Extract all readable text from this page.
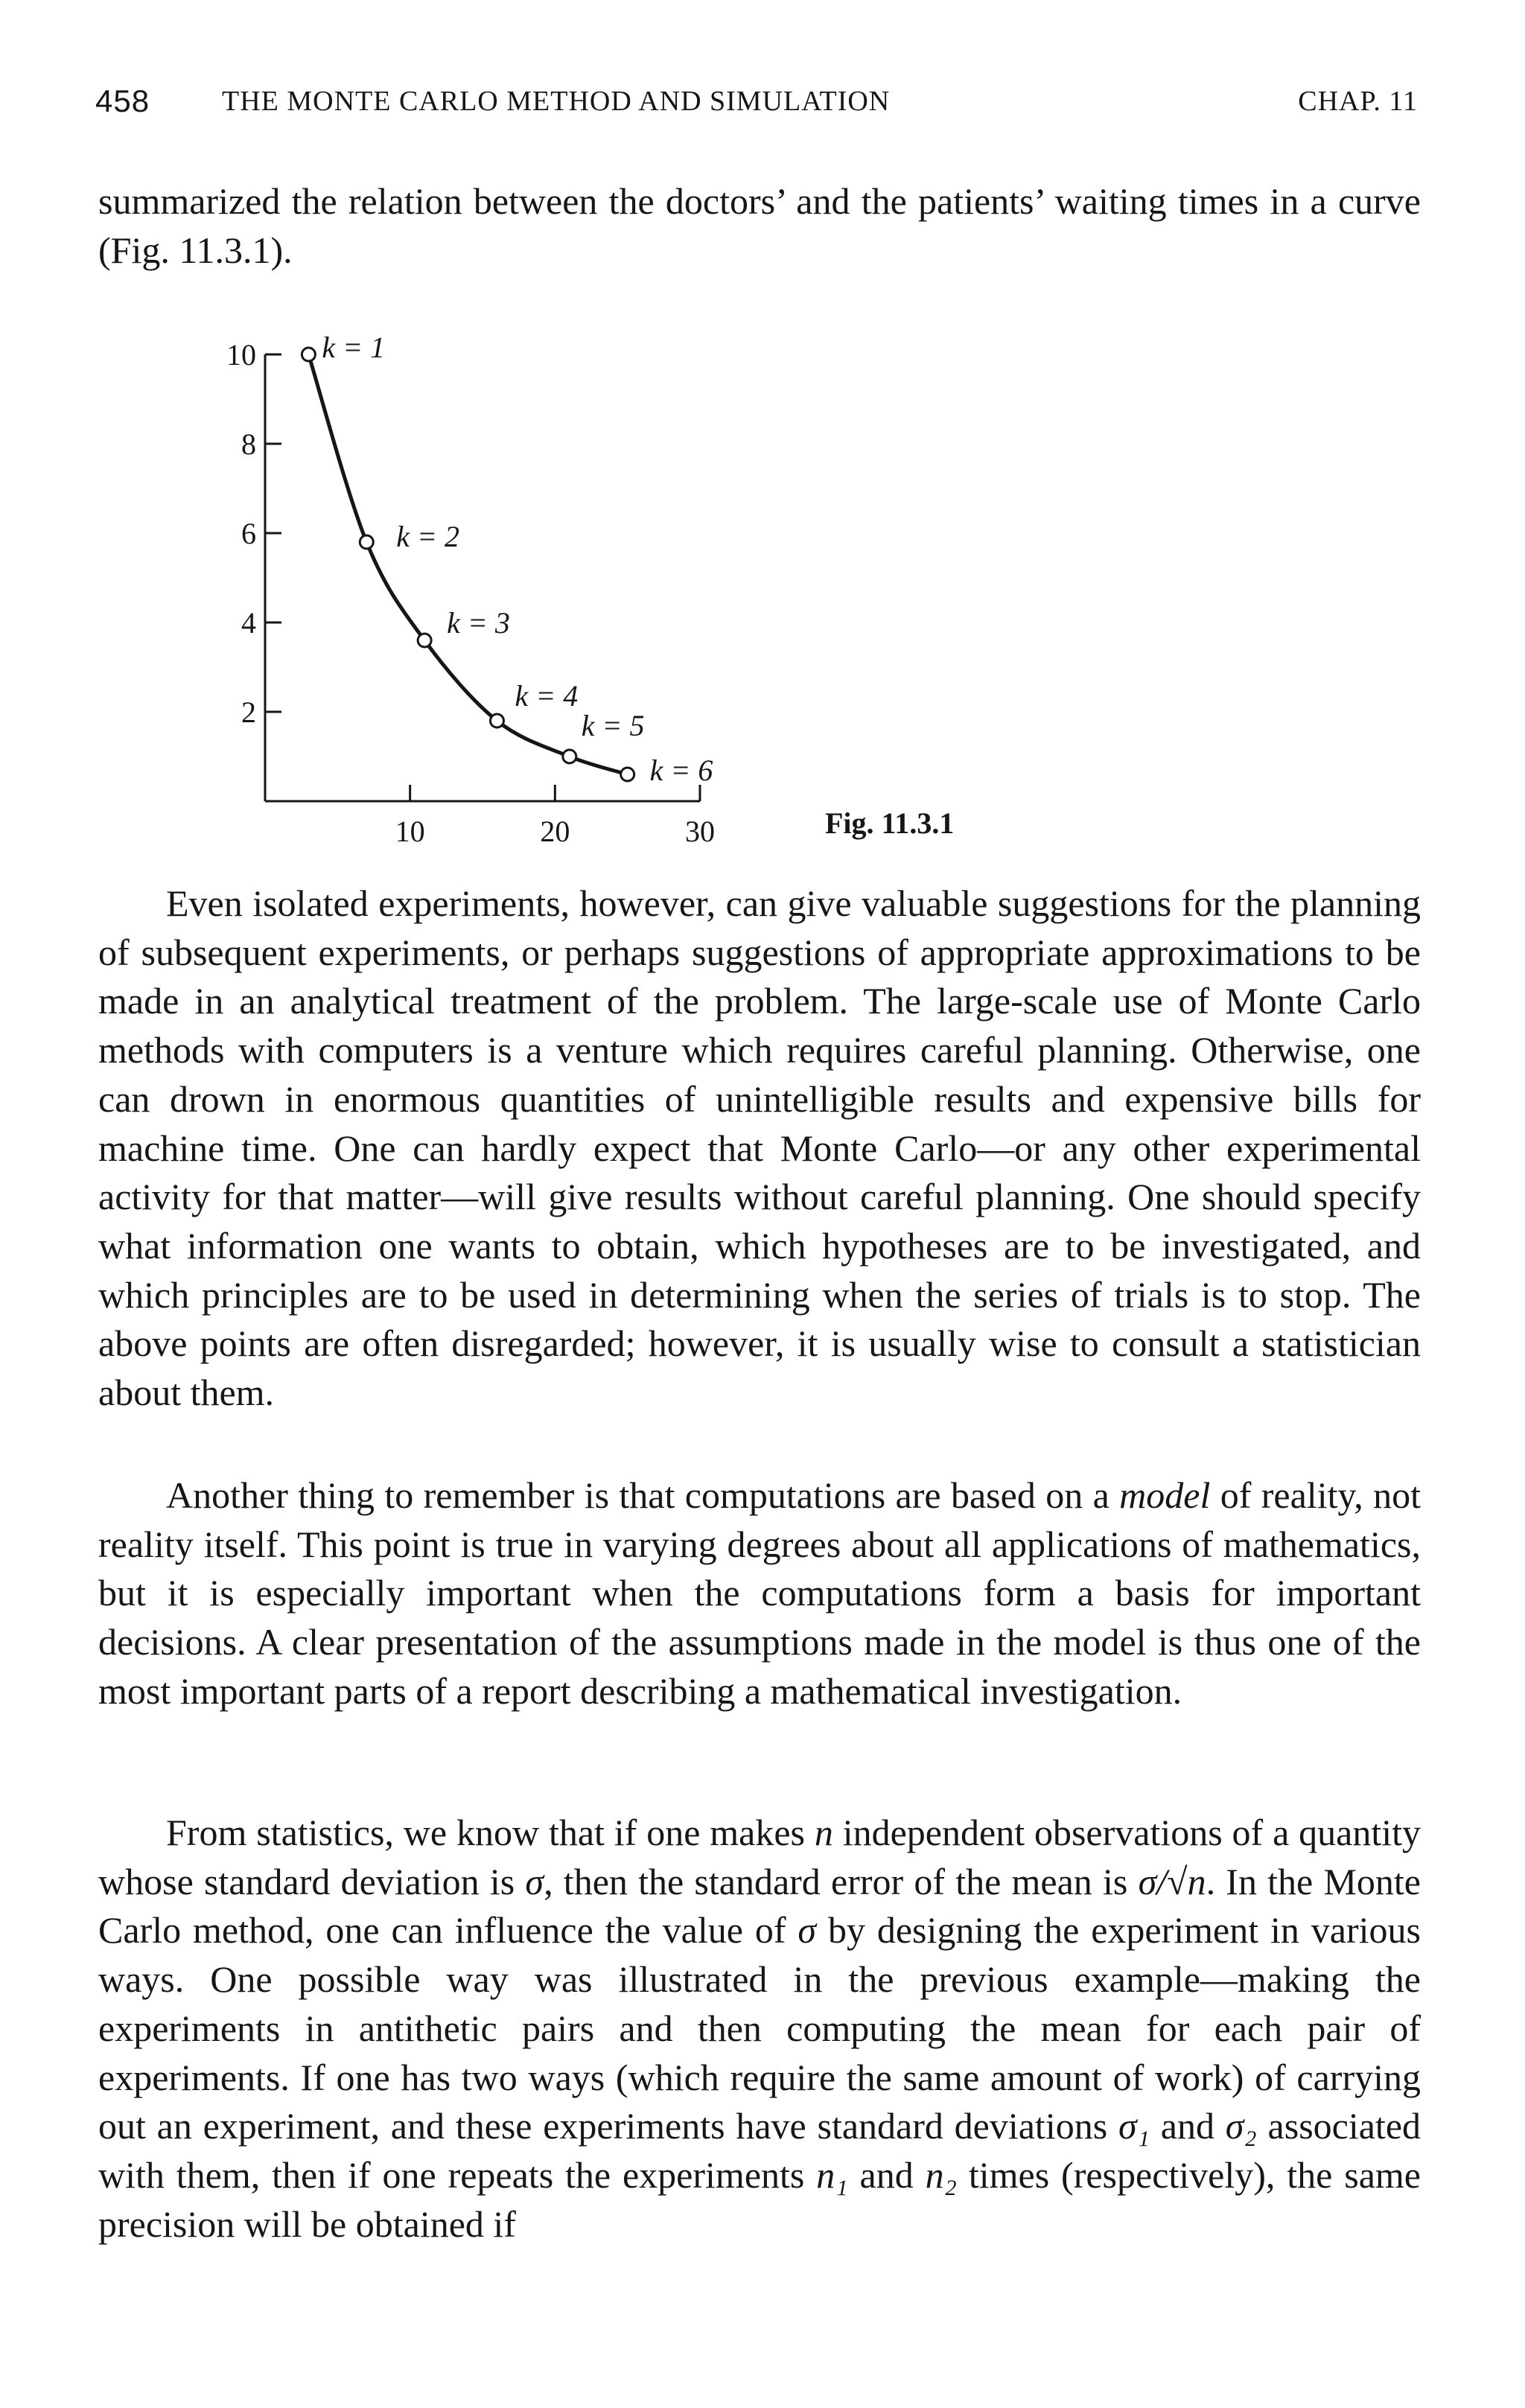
458	THE MONTE CARLO METHOD AND SIMULATION	CHAP. 11
summarized the relation between the doctors’ and the patients’ waiting times in a curve (Fig. 11.3.1).
2
4
6
8
10
10	20	30
k = 1
k = 2
k = 3
k = 4
k = 5
k = 6
Fig. 11.3.1
Even isolated experiments, however, can give valuable suggestions for the planning of subsequent experiments, or perhaps suggestions of appropriate approximations to be made in an analytical treatment of the problem. The large-scale use of Monte Carlo methods with computers is a venture which requires careful planning. Otherwise, one can drown in enormous quantities of unintelligible results and expensive bills for machine time. One can hardly expect that Monte Carlo—or any other experimental activity for that matter—will give results without careful planning. One should specify what information one wants to obtain, which hypotheses are to be investigated, and which principles are to be used in determining when the series of trials is to stop. The above points are often disregarded; however, it is usually wise to consult a statistician about them.
Another thing to remember is that computations are based on a model of reality, not reality itself. This point is true in varying degrees about all applications of mathematics, but it is especially important when the computations form a basis for important decisions. A clear presentation of the assumptions made in the model is thus one of the most important parts of a report describing a mathematical investigation.
From statistics, we know that if one makes n independent observations of a quantity whose standard deviation is σ, then the standard error of the mean is σ/√n. In the Monte Carlo method, one can influence the value of σ by designing the experiment in various ways. One possible way was illustrated in the previous example—making the experiments in antithetic pairs and then computing the mean for each pair of experiments. If one has two ways (which require the same amount of work) of carrying out an experiment, and these experiments have standard deviations σ₁ and σ₂ associated with them, then if one repeats the experiments n₁ and n₂ times (respectively), the same precision will be obtained if
